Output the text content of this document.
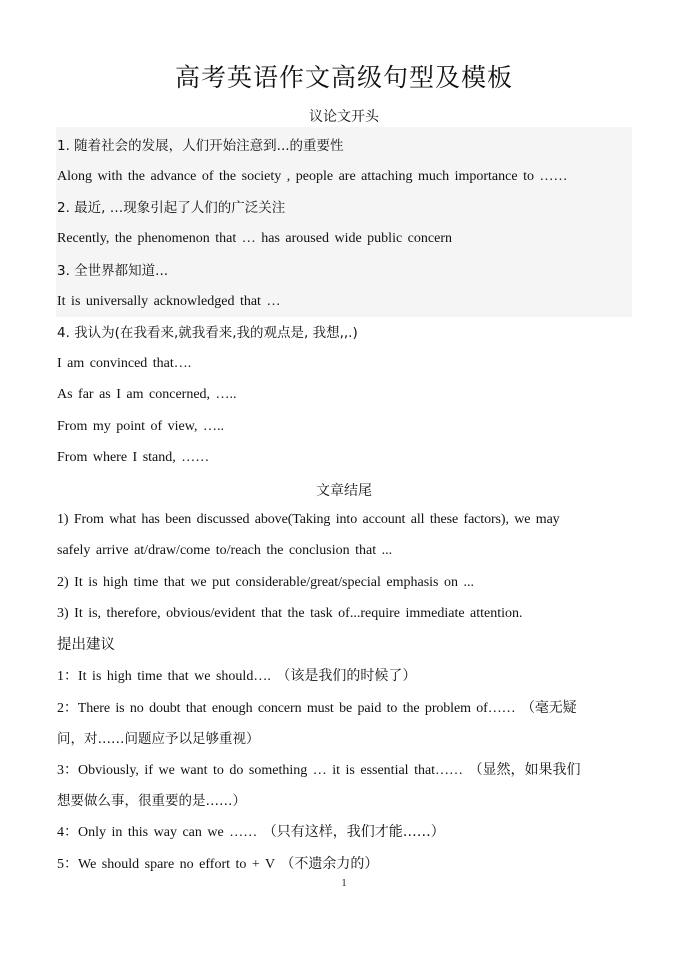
高考英语作文高级句型及模板
议论文开头
1. 随着社会的发展，人们开始注意到...的重要性
Along with the advance of the society , people are attaching much importance to ……
2. 最近, …现象引起了人们的广泛关注
Recently, the phenomenon that … has aroused wide public concern
3. 全世界都知道...
It is universally acknowledged that …
4. 我认为(在我看来,就我看来,我的观点是, 我想,,.)
I am convinced that….
As far as I am concerned, …..
From my point of view, …..
From where I stand, ……
文章结尾
1) From what has been discussed above(Taking into account all these factors), we may
safely arrive at/draw/come to/reach the conclusion that ...
2) It is high time that we put considerable/great/special emphasis on ...
3) It is, therefore, obvious/evident that the task of...require immediate attention.
提出建议
1：It is high time that we should…. （该是我们的时候了）
2：There is no doubt that enough concern must be paid to the problem of…… （毫无疑
问，对……问题应予以足够重视）
3：Obviously, if we want to do something … it is essential that…… （显然，如果我们
想要做么事，很重要的是……）
4：Only in this way can we …… （只有这样，我们才能……）
5：We should spare no effort to + V （不遗余力的）
1
